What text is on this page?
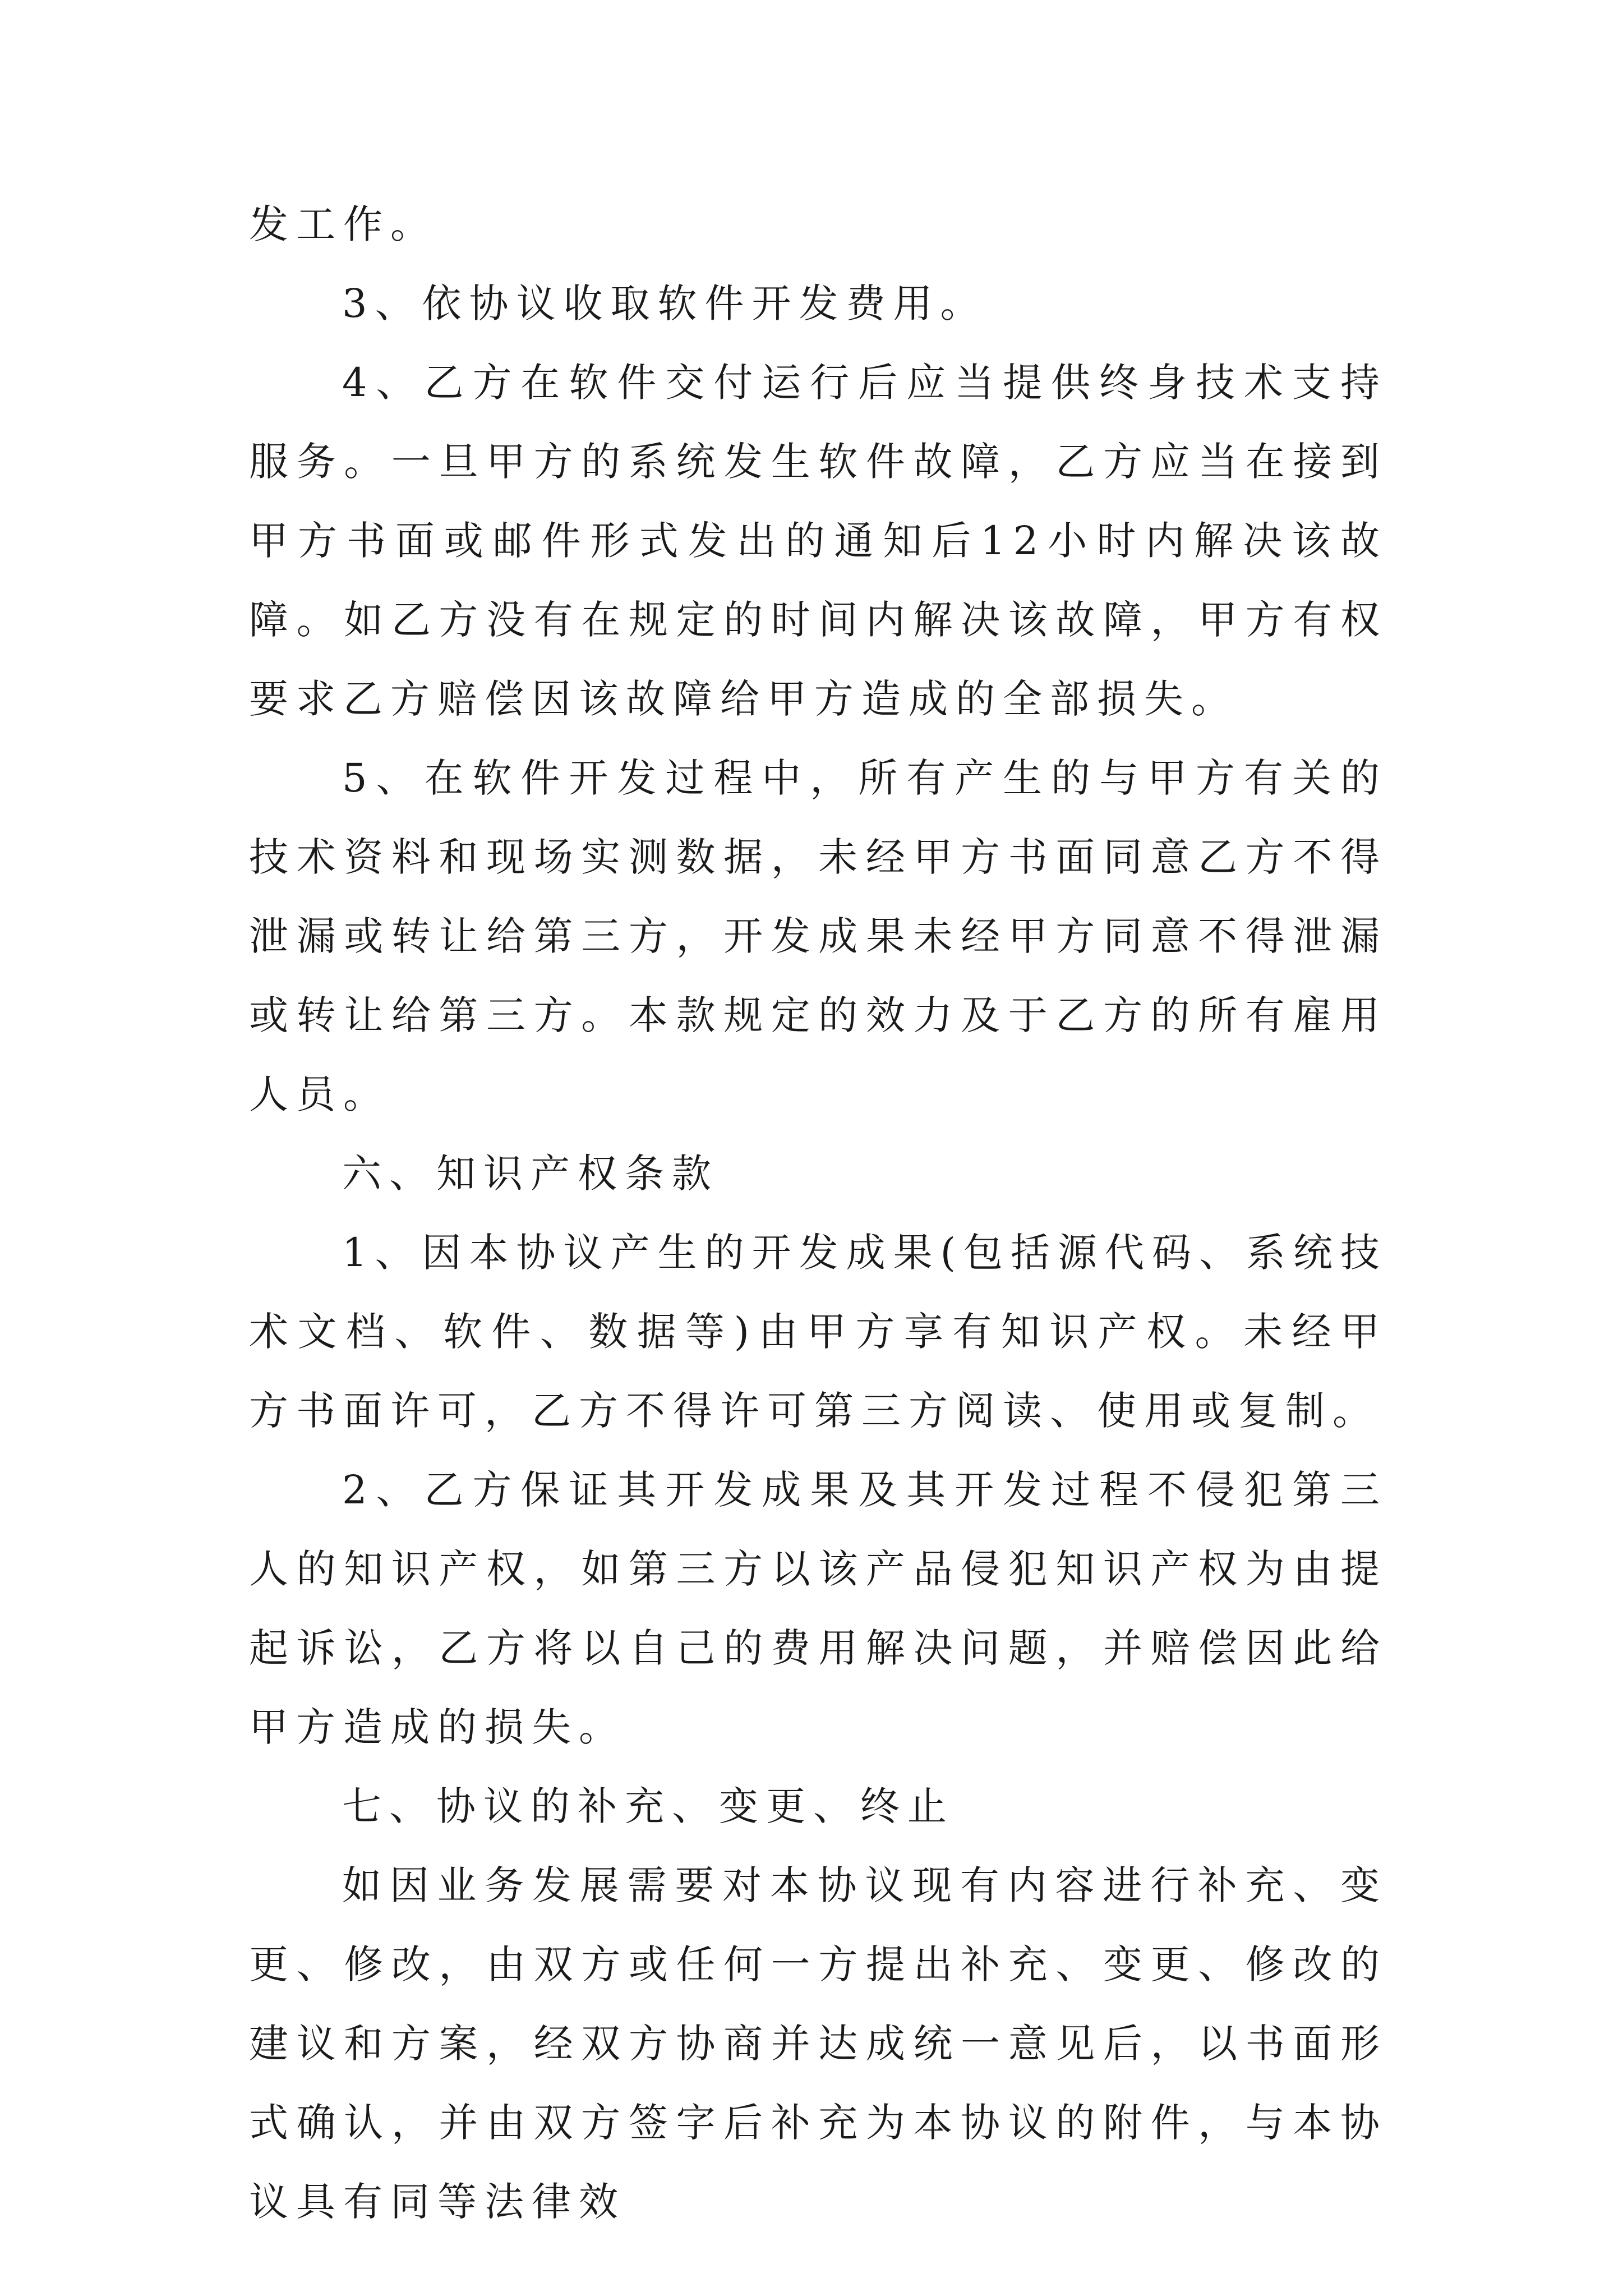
发工作。

3、依协议收取软件开发费用。

4、乙方在软件交付运行后应当提供终身技术支持服务。一旦甲方的系统发生软件故障，乙方应当在接到甲方书面或邮件形式发出的通知后12小时内解决该故障。如乙方没有在规定的时间内解决该故障，甲方有权要求乙方赔偿因该故障给甲方造成的全部损失。

5、在软件开发过程中，所有产生的与甲方有关的技术资料和现场实测数据，未经甲方书面同意乙方不得泄漏或转让给第三方，开发成果未经甲方同意不得泄漏或转让给第三方。本款规定的效力及于乙方的所有雇用人员。

六、知识产权条款

1、因本协议产生的开发成果(包括源代码、系统技术文档、软件、数据等)由甲方享有知识产权。未经甲方书面许可，乙方不得许可第三方阅读、使用或复制。

2、乙方保证其开发成果及其开发过程不侵犯第三人的知识产权，如第三方以该产品侵犯知识产权为由提起诉讼，乙方将以自己的费用解决问题，并赔偿因此给甲方造成的损失。

七、协议的补充、变更、终止

如因业务发展需要对本协议现有内容进行补充、变更、修改，由双方或任何一方提出补充、变更、修改的建议和方案，经双方协商并达成统一意见后，以书面形式确认，并由双方签字后补充为本协议的附件，与本协议具有同等法律效
